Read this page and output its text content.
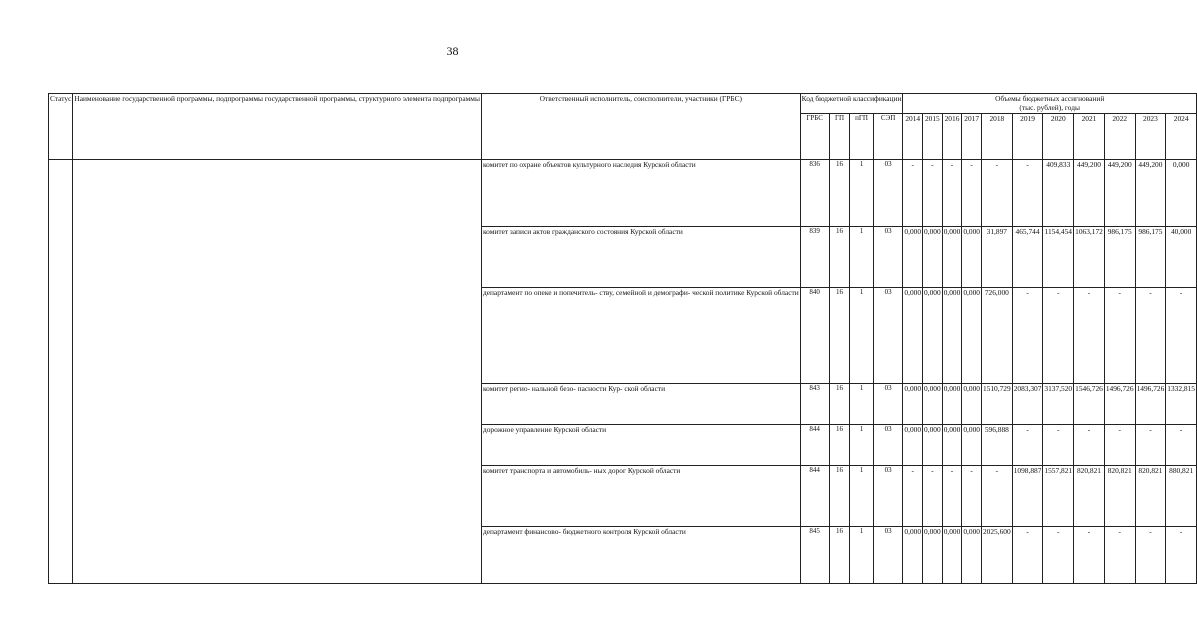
38
Статус	Наименование государственной программы, подпрограммы государственной программы, структурного элемента подпрограммы	Ответственный исполнитель, соисполнители, участники (ГРБС)	Код бюджетной классификации				Объемы бюджетных ассигнований
(тыс. рублей), годы										
			ГРБС	ГП	пГП	СЭП	2014	2015	2016	2017	2018	2019	2020	2021	2022	2023	2024
		комитет по охране объектов культурного наследия Курской области	836	16	1	03	-	-	-	-	-	-	409,833	449,200	449,200	449,200	0,000
		комитет записи актов гражданского состояния Курской области	839	16	1	03	0,000	0,000	0,000	0,000	31,897	465,744	1154,454	1063,172	986,175	986,175	40,000
		департамент по опеке и попечитель- ству, семейной и демографи- ческой политике Курской области	840	16	1	03	0,000	0,000	0,000	0,000	726,000	-	-	-	-	-	-
		комитет регио- нальной безо- пасности Кур- ской области	843	16	1	03	0,000	0,000	0,000	0,000	1510,729	2083,307	3137,520	1546,726	1496,726	1496,726	1332,815
		дорожное управление Курской области	844	16	1	03	0,000	0,000	0,000	0,000	596,888	-	-	-	-	-	-
		комитет транспорта и автомобиль- ных дорог Курской области	844	16	1	03	-	-	-	-	-	1098,887	1557,821	820,821	820,821	820,821	880,821
		департамент финансово- бюджетного контроля Курской области	845	16	1	03	0,000	0,000	0,000	0,000	2025,600	-	-	-	-	-	-
